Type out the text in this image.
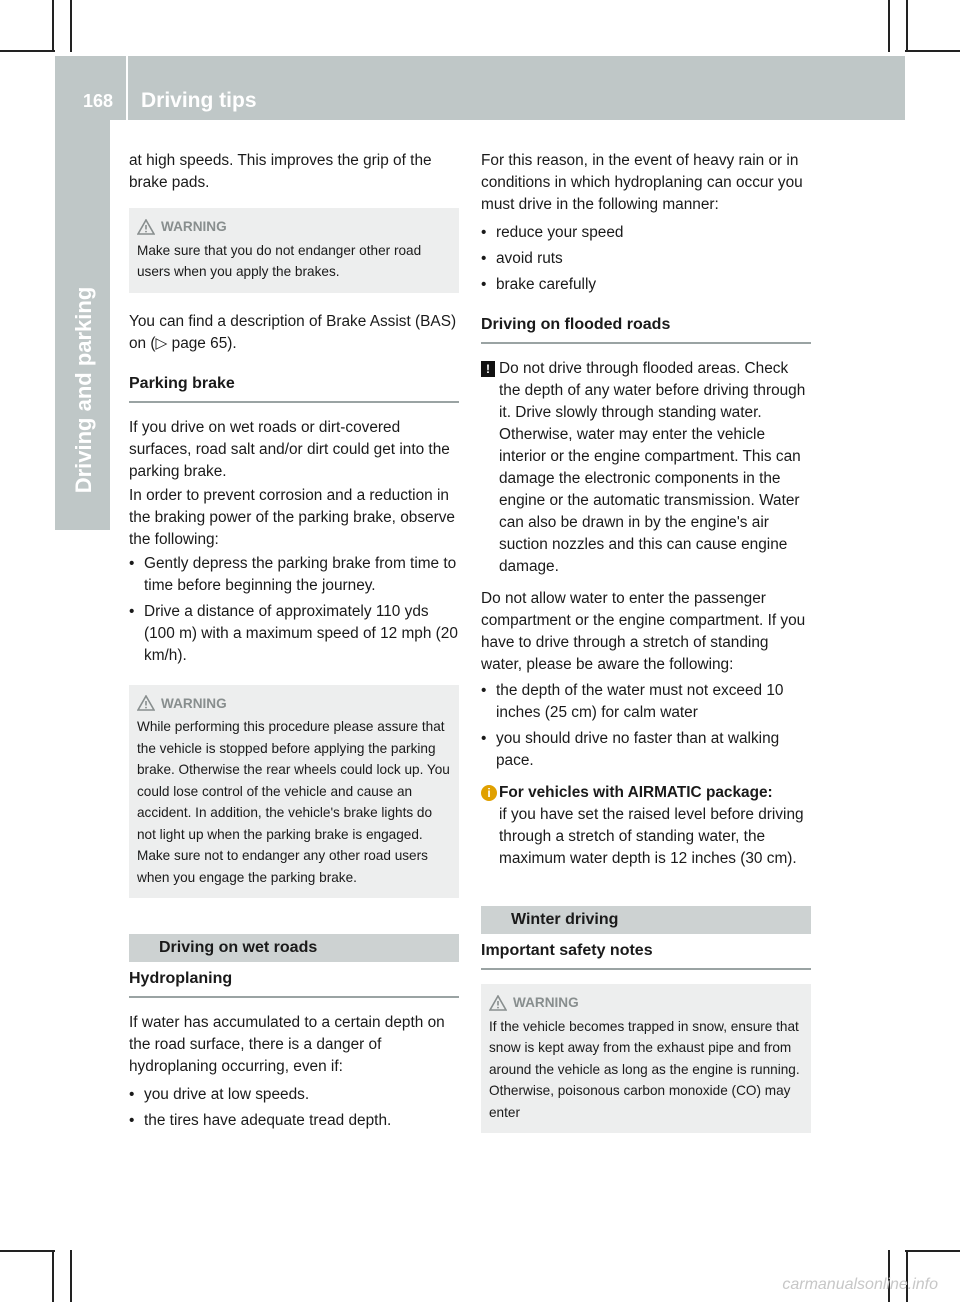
168 Driving tips
Driving and parking

at high speeds. This improves the grip of the brake pads.

WARNING
Make sure that you do not endanger other road users when you apply the brakes.

You can find a description of Brake Assist (BAS) on (▷ page 65).

Parking brake

If you drive on wet roads or dirt-covered surfaces, road salt and/or dirt could get into the parking brake.

In order to prevent corrosion and a reduction in the braking power of the parking brake, observe the following:

• Gently depress the parking brake from time to time before beginning the journey.
• Drive a distance of approximately 110 yds (100 m) with a maximum speed of 12 mph (20 km/h).
WARNING
While performing this procedure please assure that the vehicle is stopped before applying the parking brake. Otherwise the rear wheels could lock up. You could lose control of the vehicle and cause an accident. In addition, the vehicle's brake lights do not light up when the parking brake is engaged. Make sure not to endanger any other road users when you engage the parking brake.
Driving on wet roads
Hydroplaning

If water has accumulated to a certain depth on the road surface, there is a danger of hydroplaning occurring, even if:

• you drive at low speeds.
• the tires have adequate tread depth.

For this reason, in the event of heavy rain or in conditions in which hydroplaning can occur you must drive in the following manner:

• reduce your speed
• avoid ruts
• brake carefully
Driving on flooded roads
! Do not drive through flooded areas. Check the depth of any water before driving through it. Drive slowly through standing water. Otherwise, water may enter the vehicle interior or the engine compartment. This can damage the electronic components in the engine or the automatic transmission. Water can also be drawn in by the engine's air suction nozzles and this can cause engine damage.

Do not allow water to enter the passenger compartment or the engine compartment. If you have to drive through a stretch of standing water, please be aware the following:

• the depth of the water must not exceed 10 inches (25 cm) for calm water
• you should drive no faster than at walking pace.
i For vehicles with AIRMATIC package:
if you have set the raised level before driving through a stretch of standing water, the maximum water depth is 12 inches (30 cm).
Winter driving
Important safety notes
WARNING
If the vehicle becomes trapped in snow, ensure that snow is kept away from the exhaust pipe and from around the vehicle as long as the engine is running. Otherwise, poisonous carbon monoxide (CO) may enter
carmanualsonline.info
